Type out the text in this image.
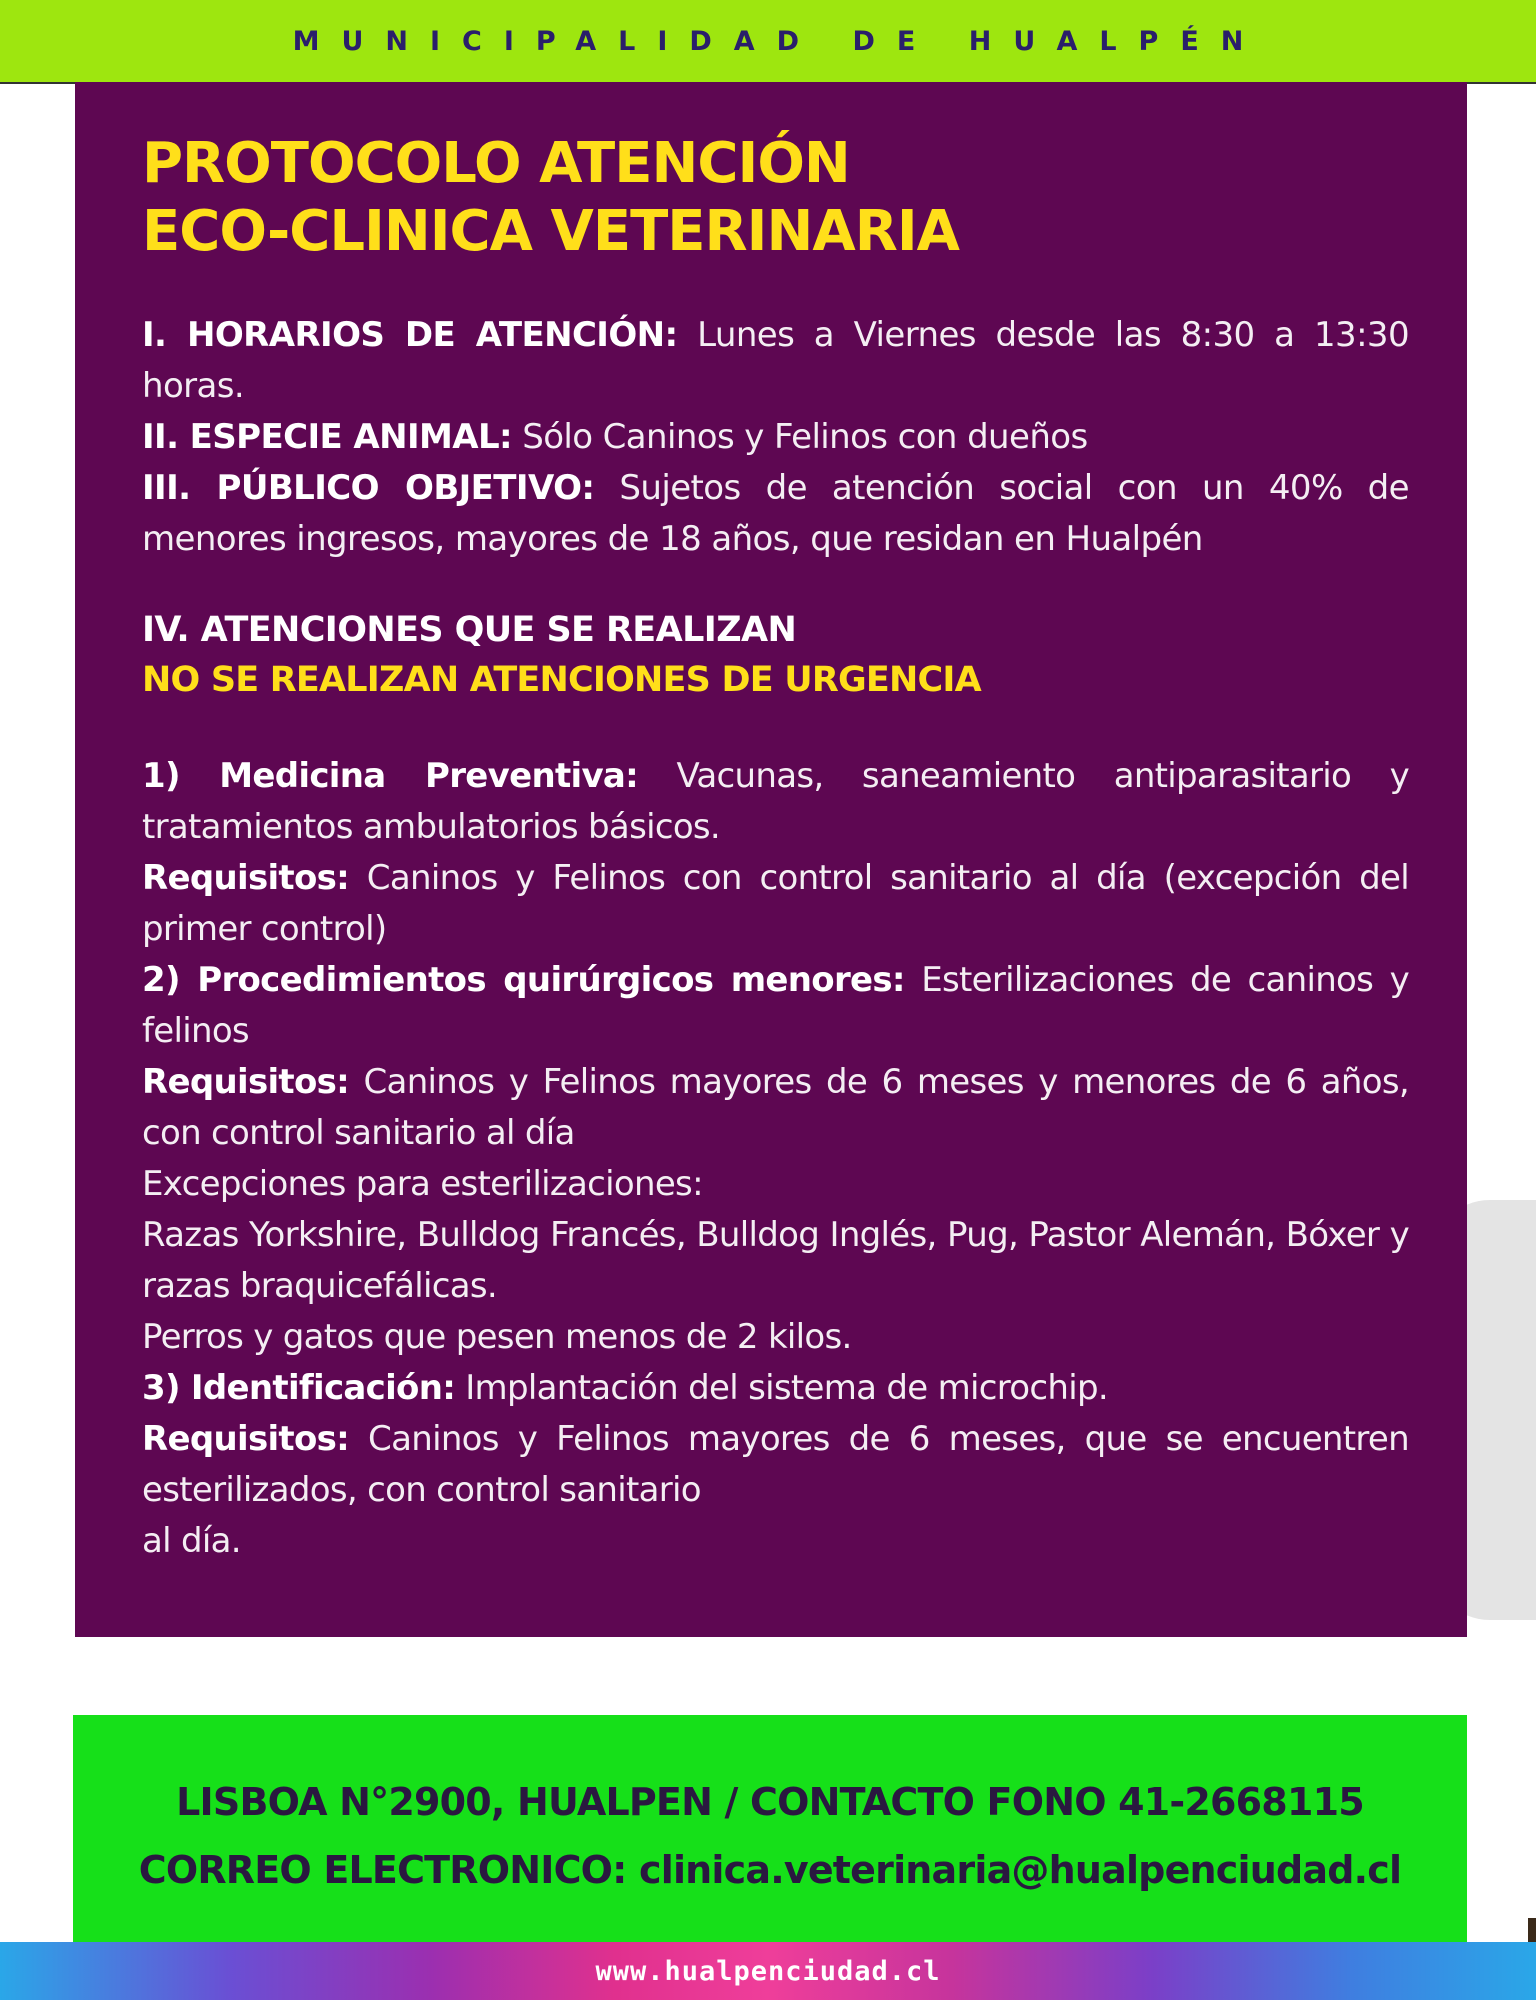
MUNICIPALIDAD DE HUALPÉN
PROTOCOLO ATENCIÓN
ECO-CLINICA VETERINARIA
I. HORARIOS DE ATENCIÓN: Lunes a Viernes desde las 8:30 a 13:30 horas.
II. ESPECIE ANIMAL: Sólo Caninos y Felinos con dueños
III. PÚBLICO OBJETIVO: Sujetos de atención social con un 40% de menores ingresos, mayores de 18 años, que residan en Hualpén
IV. ATENCIONES QUE SE REALIZAN
NO SE REALIZAN ATENCIONES DE URGENCIA
1) Medicina Preventiva: Vacunas, saneamiento antiparasitario y tratamientos ambulatorios básicos.
Requisitos: Caninos y Felinos con control sanitario al día (excepción del primer control)
2) Procedimientos quirúrgicos menores: Esterilizaciones de caninos y felinos
Requisitos: Caninos y Felinos mayores de 6 meses y menores de 6 años, con control sanitario al día
Excepciones para esterilizaciones:
Razas Yorkshire, Bulldog Francés, Bulldog Inglés, Pug, Pastor Alemán, Bóxer y razas braquicefálicas.
Perros y gatos que pesen menos de 2 kilos.
3) Identificación: Implantación del sistema de microchip.
Requisitos: Caninos y Felinos mayores de 6 meses, que se encuentren esterilizados, con control sanitario
al día.
LISBOA N°2900, HUALPEN / CONTACTO FONO 41-2668115
CORREO ELECTRONICO: clinica.veterinaria@hualpenciudad.cl
www.hualpenciudad.cl
